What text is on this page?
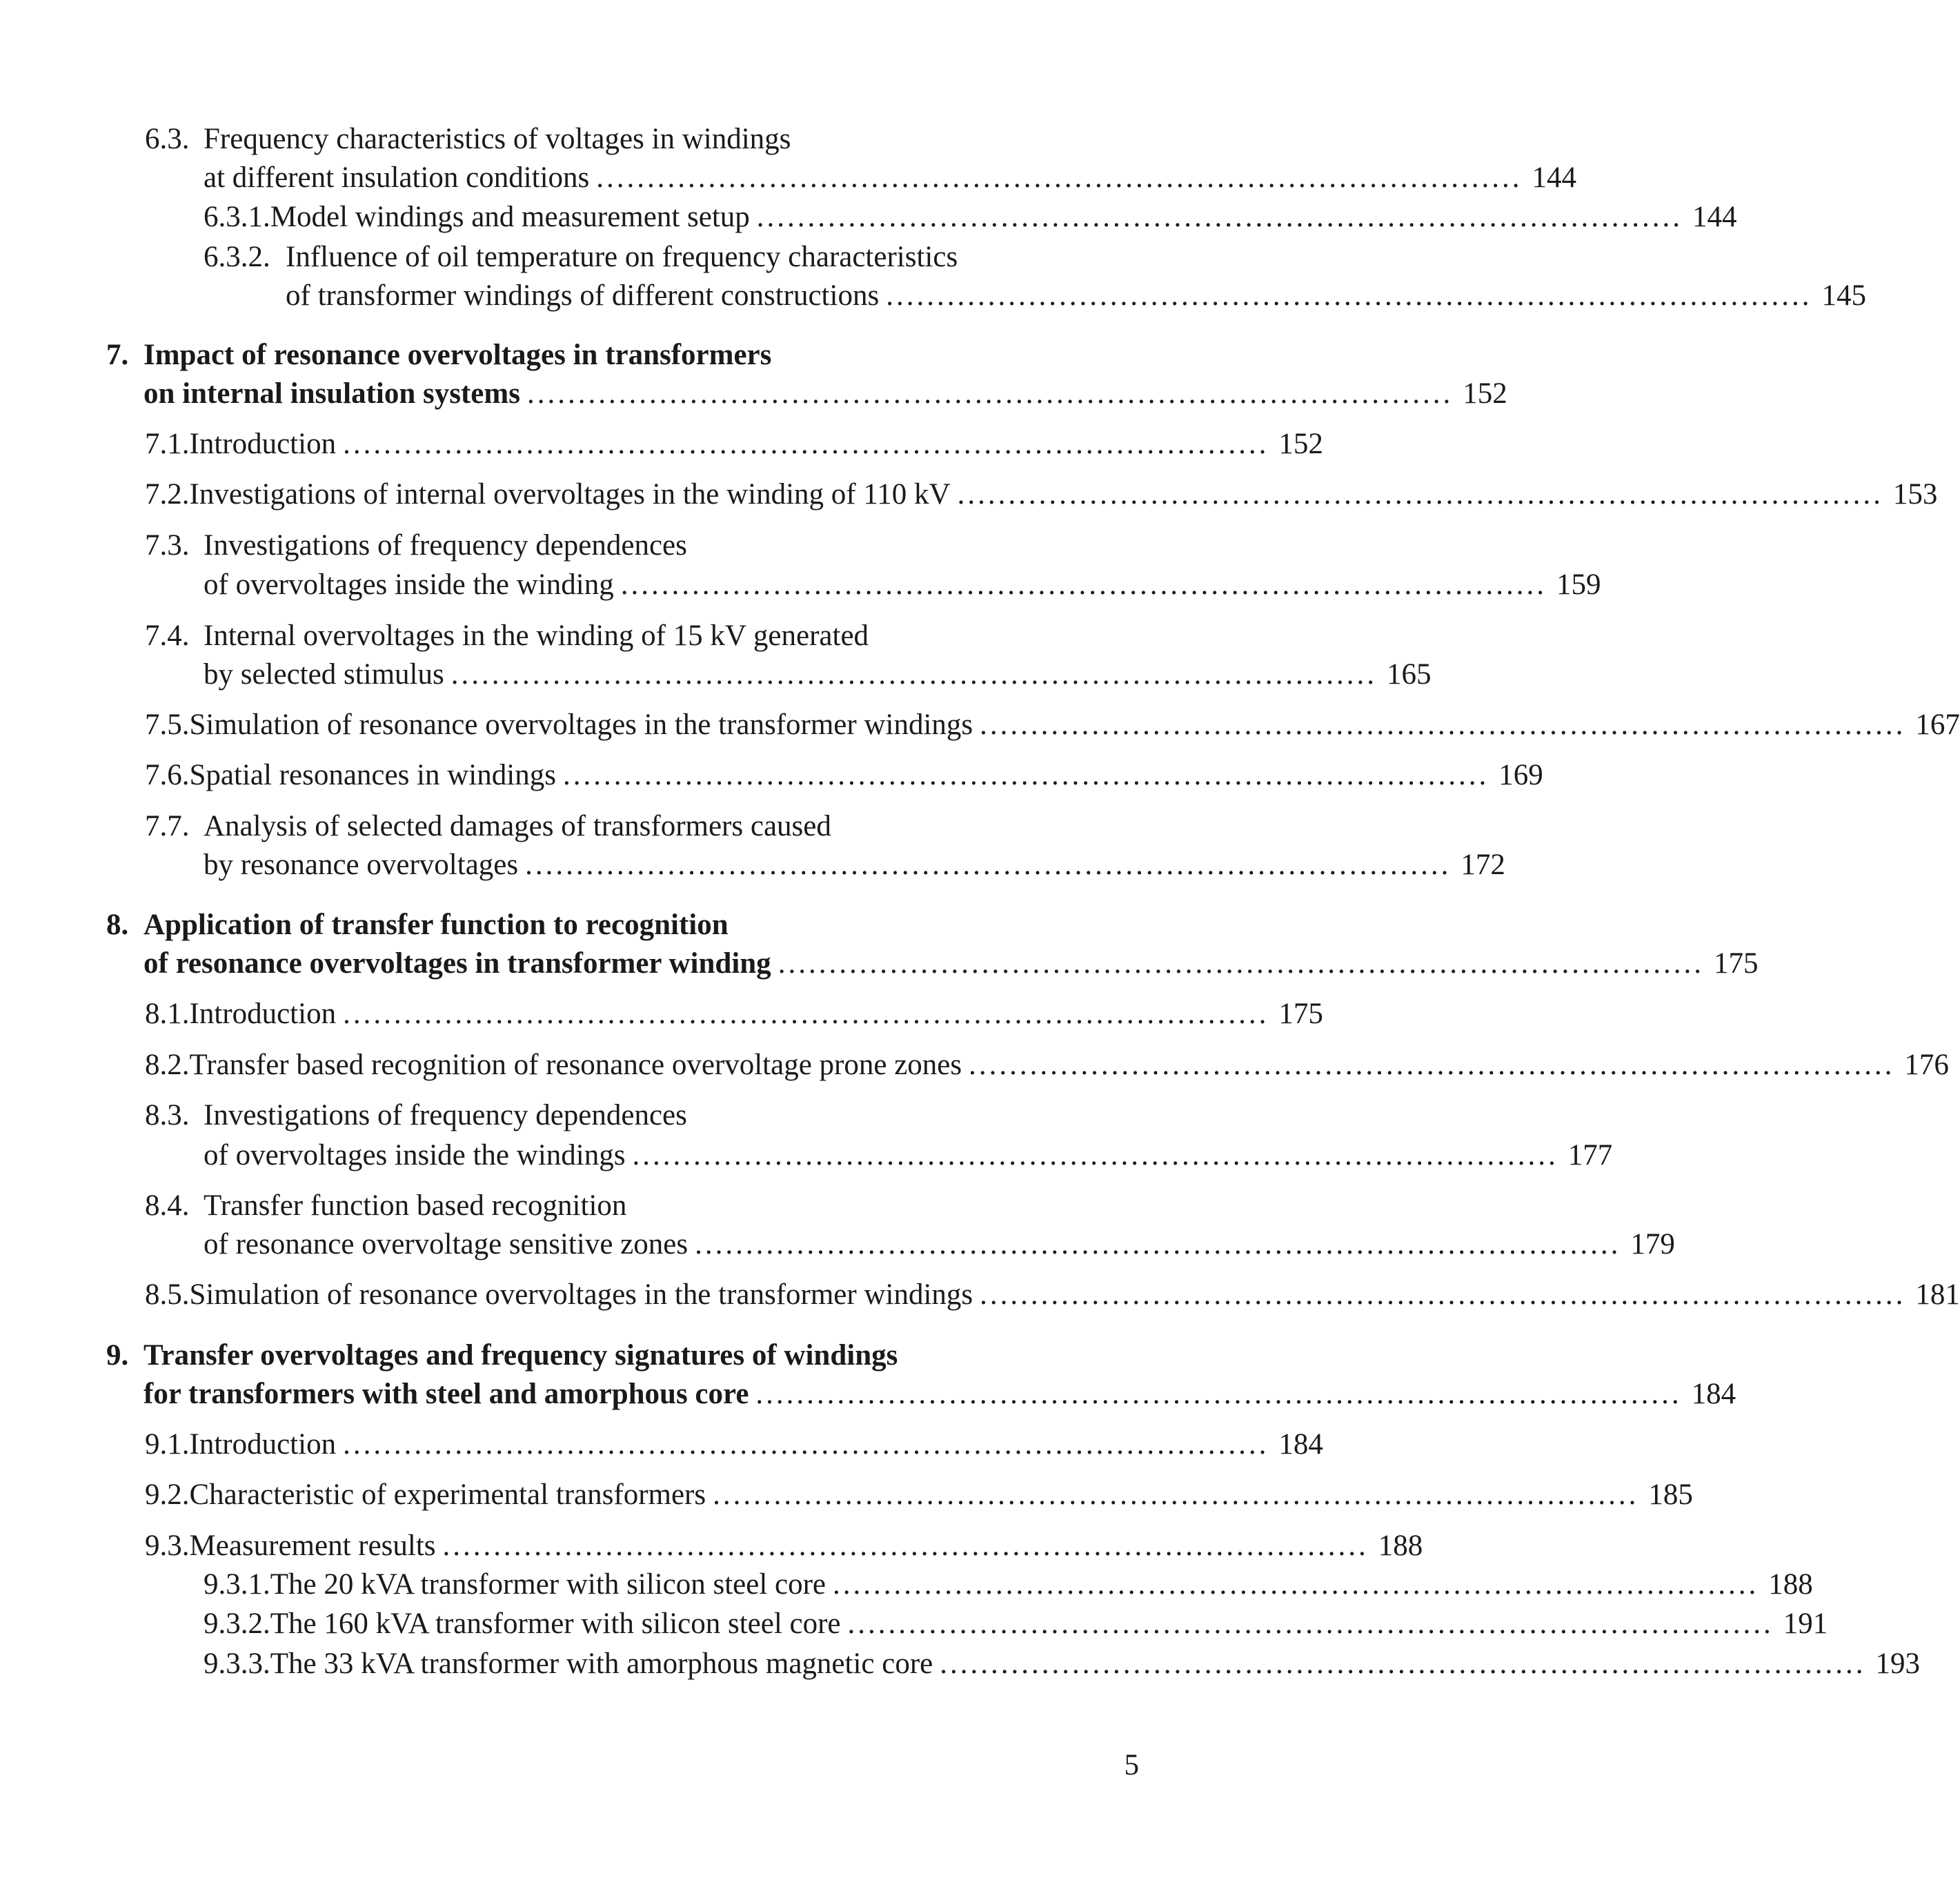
6.3. Frequency characteristics of voltages in windings
at different insulation conditions ........................................................................................... 144
6.3.1. Model windings and measurement setup ........................................................................................... 144
6.3.2. Influence of oil temperature on frequency characteristics
of transformer windings of different constructions ........................................................................................... 145
7. Impact of resonance overvoltages in transformers
on internal insulation systems ........................................................................................... 152
7.1. Introduction ........................................................................................... 152
7.2. Investigations of internal overvoltages in the winding of 110 kV ........................................................................................... 153
7.3. Investigations of frequency dependences
of overvoltages inside the winding ........................................................................................... 159
7.4. Internal overvoltages in the winding of 15 kV generated
by selected stimulus ........................................................................................... 165
7.5. Simulation of resonance overvoltages in the transformer windings ........................................................................................... 167
7.6. Spatial resonances in windings ........................................................................................... 169
7.7. Analysis of selected damages of transformers caused
by resonance overvoltages ........................................................................................... 172
8. Application of transfer function to recognition
of resonance overvoltages in transformer winding ........................................................................................... 175
8.1. Introduction ........................................................................................... 175
8.2. Transfer based recognition of resonance overvoltage prone zones ........................................................................................... 176
8.3. Investigations of frequency dependences
of overvoltages inside the windings ........................................................................................... 177
8.4. Transfer function based recognition
of resonance overvoltage sensitive zones ........................................................................................... 179
8.5. Simulation of resonance overvoltages in the transformer windings ........................................................................................... 181
9. Transfer overvoltages and frequency signatures of windings
for transformers with steel and amorphous core ........................................................................................... 184
9.1. Introduction ........................................................................................... 184
9.2. Characteristic of experimental transformers ........................................................................................... 185
9.3. Measurement results ........................................................................................... 188
9.3.1. The 20 kVA transformer with silicon steel core ........................................................................................... 188
9.3.2. The 160 kVA transformer with silicon steel core ........................................................................................... 191
9.3.3. The 33 kVA transformer with amorphous magnetic core ........................................................................................... 193
5
